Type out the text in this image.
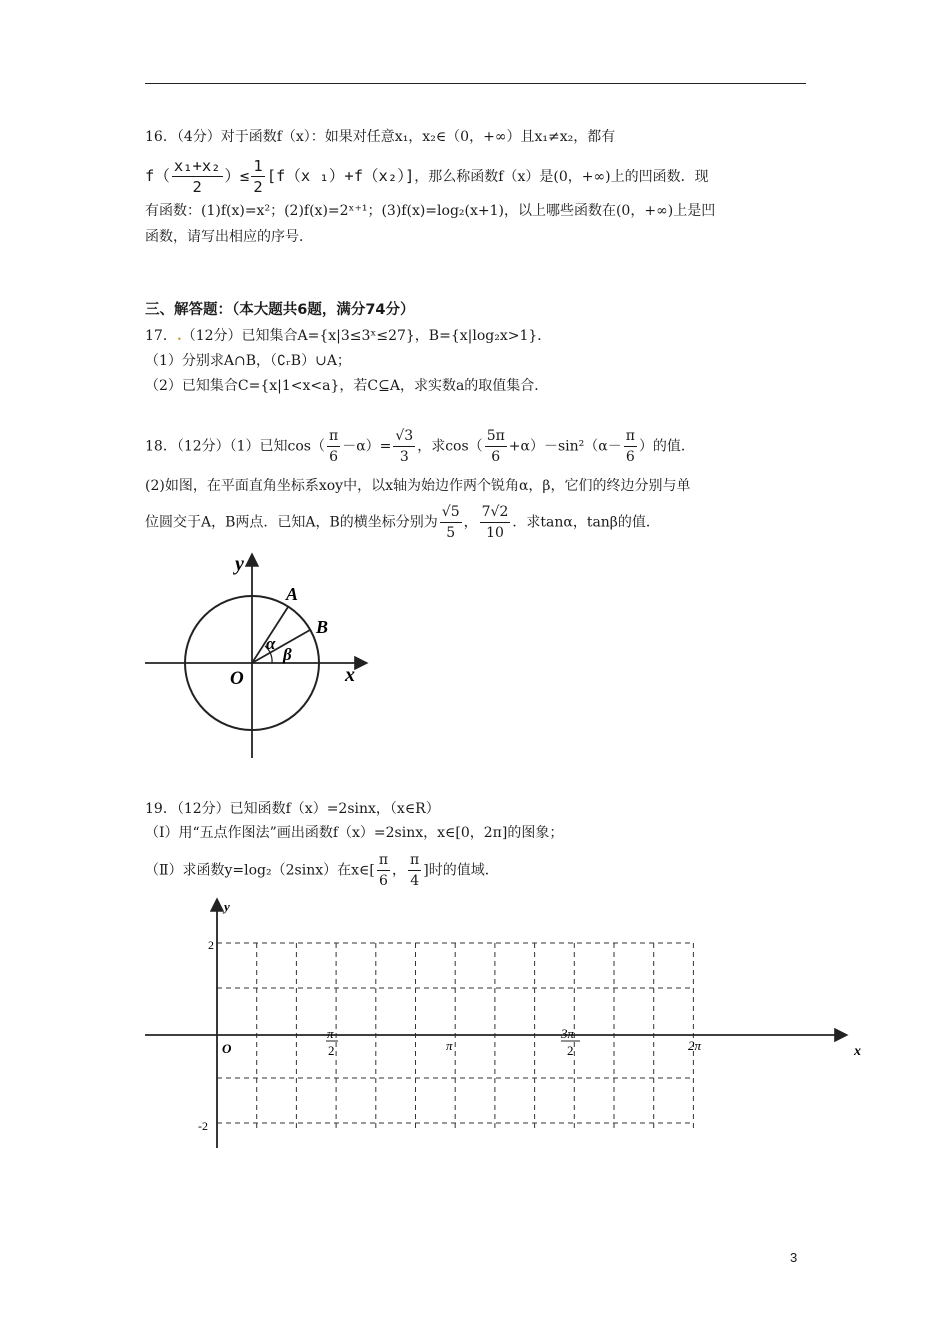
16．（4分）对于函数f（x）：如果对任意x₁，x₂∈（0，+∞）且x₁≠x₂，都有
$f( \frac{\text{x₁+x₂}}{2}$ ）≤ $\frac{1}{2} [f(x$ ₁）+f（x₂）]，那么称函数f（x）是(0，+∞)上的凹函数．现
有函数：(1)f(x)=x²；(2)f(x)=2ˣ⁺¹；(3)f(x)=log₂(x+1)，以上哪些函数在(0，+∞)上是凹
函数，请写出相应的序号．
三、解答题：（本大题共6题，满分74分）
17．.（12分）已知集合A={x|3≤3ˣ≤27}，B={x|log₂x>1}．
（1）分别求A∩B，（∁ᵣB）∪A；
（2）已知集合C={x|1<x<a}，若C⊆A，求实数a的取值集合．
18．（12分）（1）已知$\cos( \frac{\pi}{6} -\alpha)= \frac{√3}{3}$ ，求$\cos( \frac{5\pi}{6} +\alpha)-\sin^2(\alpha- \frac{\pi}{6}$ ）的值．
(2)如图，在平面直角坐标系xoy中，以x轴为始边作两个锐角α，β，它们的终边分别与单
位圆交于A，B两点．已知A，B的横坐标分别为 $\frac{√5}{5}$ ， $\frac{7√2}{10}$ ．求tanα，tanβ的值．
y
x
O
A
B
α
β
19．（12分）已知函数f（x）=2sinx，（x∈R）
（Ⅰ）用“五点作图法”画出函数f（x）=2sinx，x∈[0，2π]的图象；
（Ⅱ）求函数y=log₂（2sinx）在x∈[ $\frac{\pi}{6}$ ， $\frac{\pi}{4}$ ]时的值域．
y
x
O
2
-2
π
2	π
3π
2	2π
3
